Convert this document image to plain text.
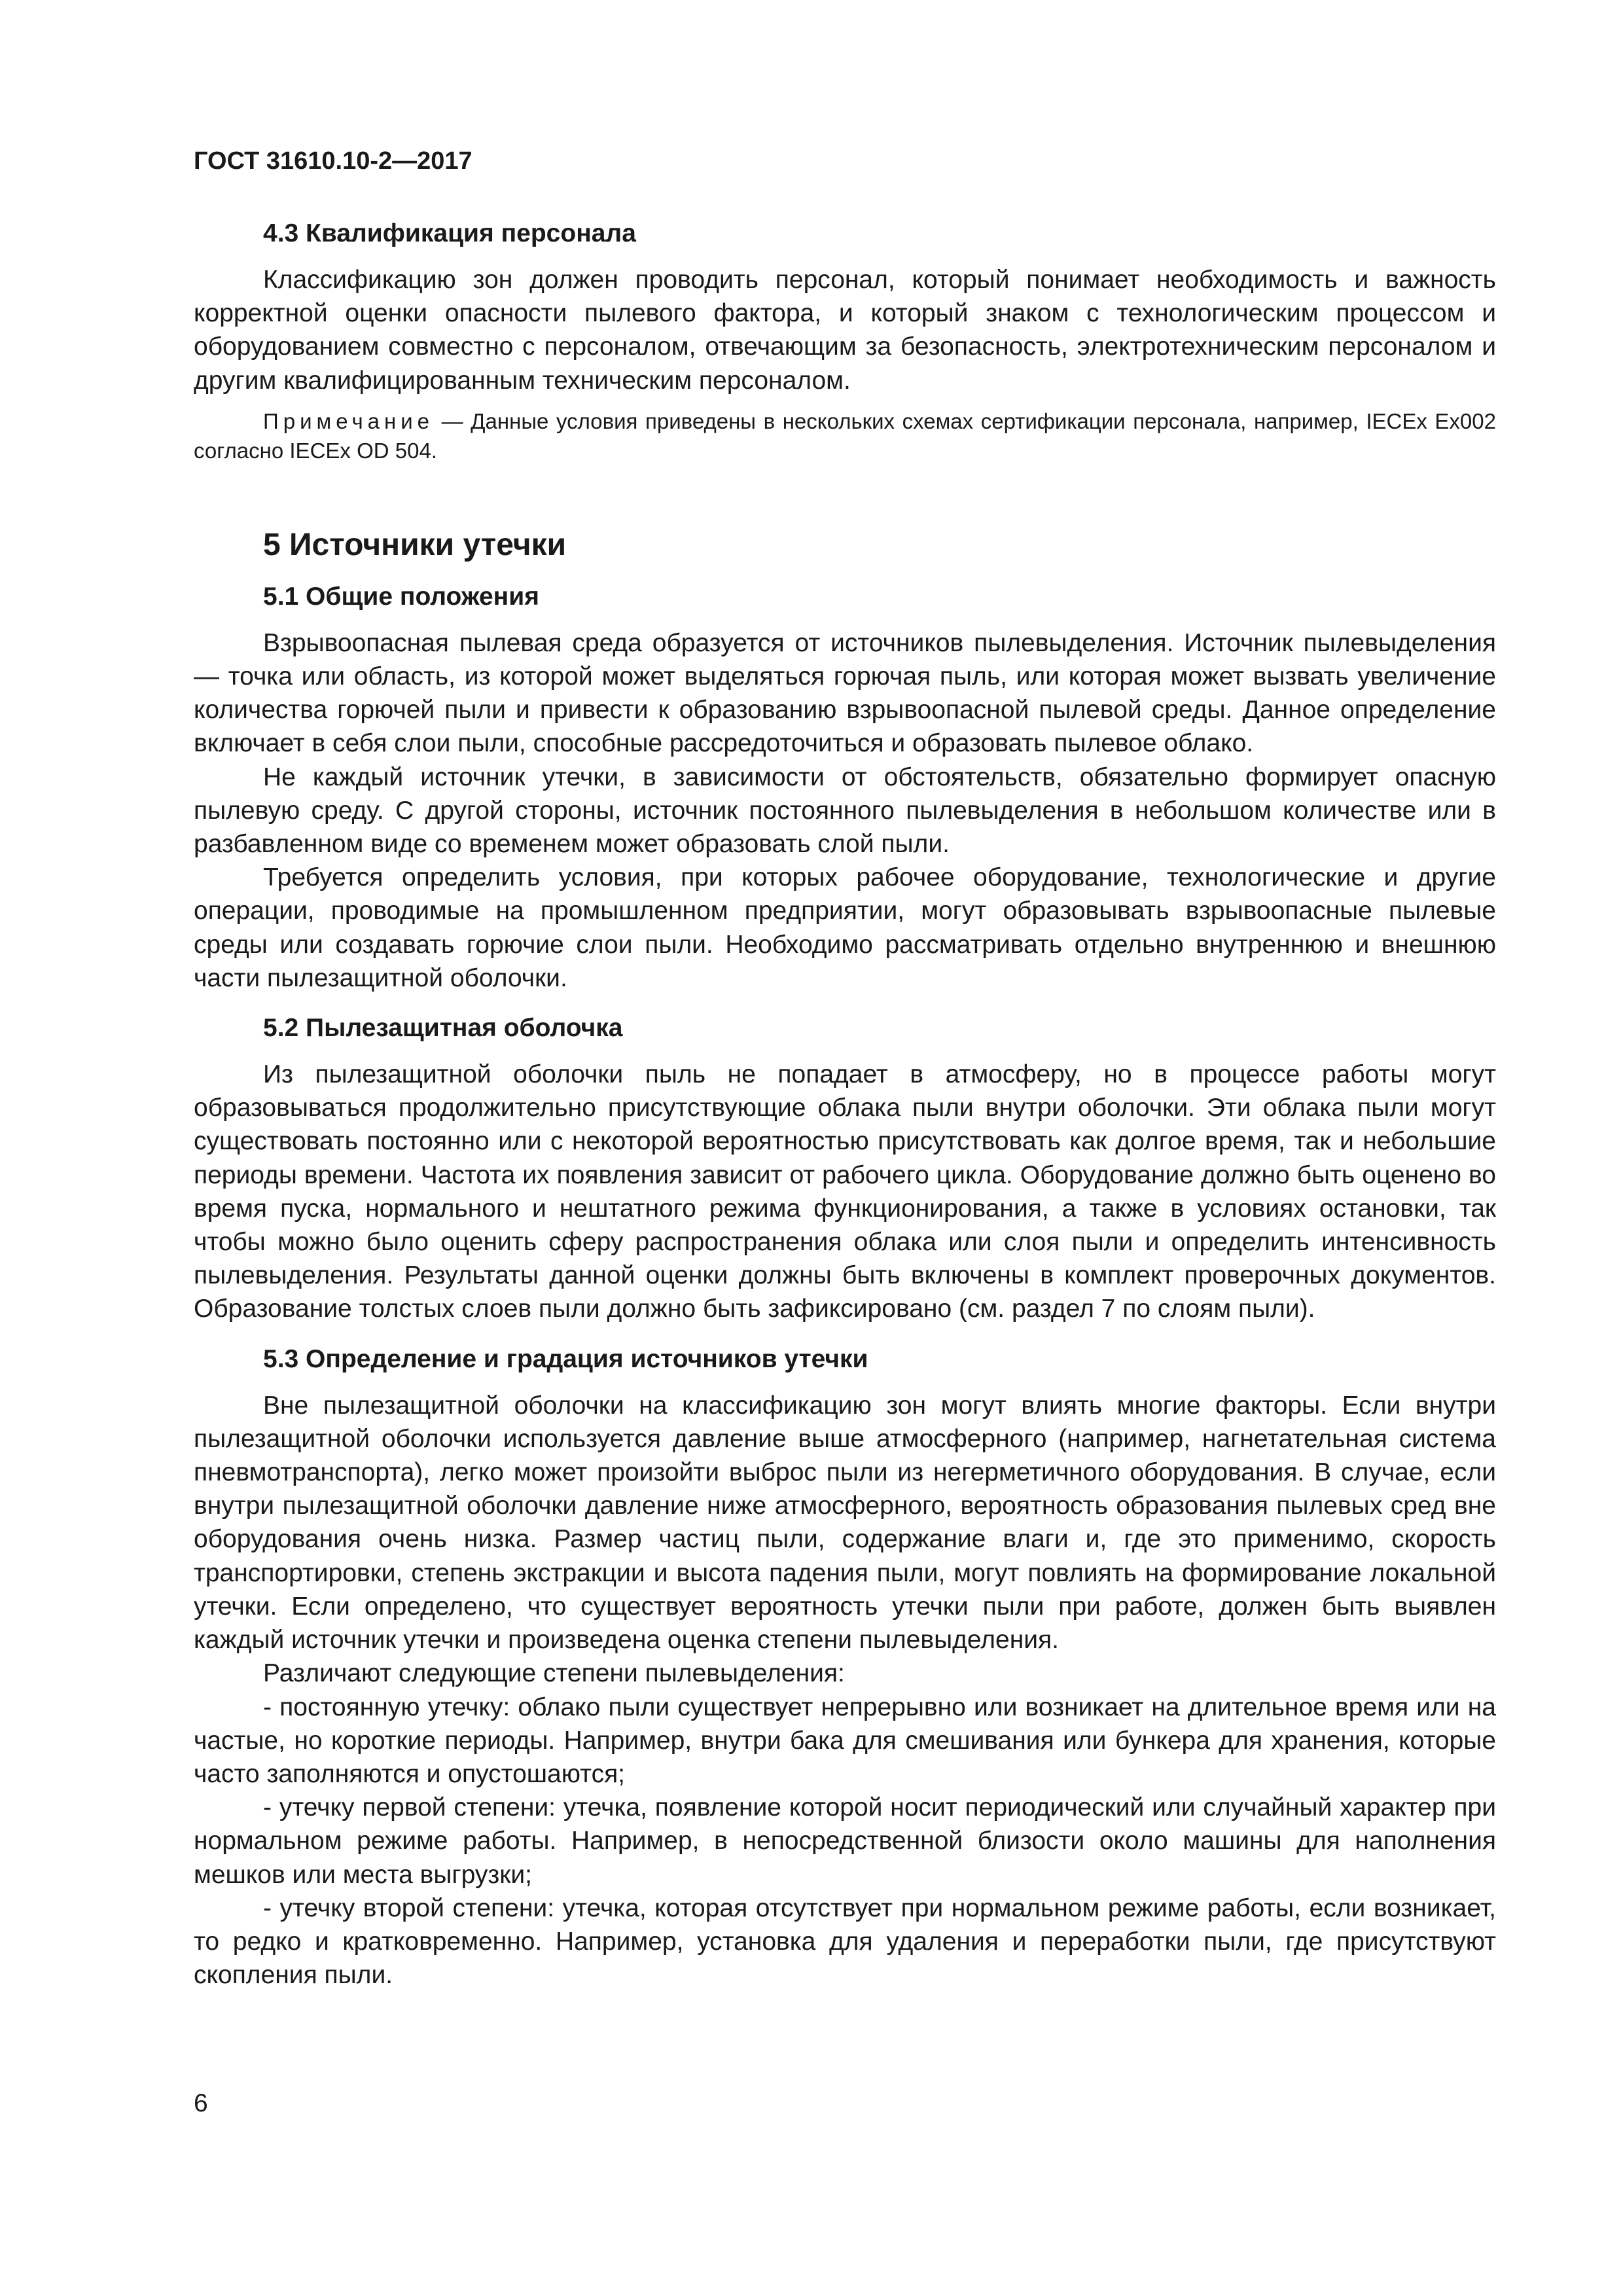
ГОСТ 31610.10-2—2017
4.3 Квалификация персонала

Классификацию зон должен проводить персонал, который понимает необходимость и важность корректной оценки опасности пылевого фактора, и который знаком с технологическим процессом и оборудованием совместно с персоналом, отвечающим за безопасность, электротехническим персоналом и другим квалифицированным техническим персоналом.

Примечание — Данные условия приведены в нескольких схемах сертификации персонала, например, IECEx Ex002 согласно IECEx OD 504.

5 Источники утечки
5.1 Общие положения

Взрывоопасная пылевая среда образуется от источников пылевыделения. Источник пылевыделения — точка или область, из которой может выделяться горючая пыль, или которая может вызвать увеличение количества горючей пыли и привести к образованию взрывоопасной пылевой среды. Данное определение включает в себя слои пыли, способные рассредоточиться и образовать пылевое облако.

Не каждый источник утечки, в зависимости от обстоятельств, обязательно формирует опасную пылевую среду. С другой стороны, источник постоянного пылевыделения в небольшом количестве или в разбавленном виде со временем может образовать слой пыли.

Требуется определить условия, при которых рабочее оборудование, технологические и другие операции, проводимые на промышленном предприятии, могут образовывать взрывоопасные пылевые среды или создавать горючие слои пыли. Необходимо рассматривать отдельно внутреннюю и внешнюю части пылезащитной оболочки.

5.2 Пылезащитная оболочка

Из пылезащитной оболочки пыль не попадает в атмосферу, но в процессе работы могут образовываться продолжительно присутствующие облака пыли внутри оболочки. Эти облака пыли могут существовать постоянно или с некоторой вероятностью присутствовать как долгое время, так и небольшие периоды времени. Частота их появления зависит от рабочего цикла. Оборудование должно быть оценено во время пуска, нормального и нештатного режима функционирования, а также в условиях остановки, так чтобы можно было оценить сферу распространения облака или слоя пыли и определить интенсивность пылевыделения. Результаты данной оценки должны быть включены в комплект проверочных документов. Образование толстых слоев пыли должно быть зафиксировано (см. раздел 7 по слоям пыли).

5.3 Определение и градация источников утечки

Вне пылезащитной оболочки на классификацию зон могут влиять многие факторы. Если внутри пылезащитной оболочки используется давление выше атмосферного (например, нагнетательная система пневмотранспорта), легко может произойти выброс пыли из негерметичного оборудования. В случае, если внутри пылезащитной оболочки давление ниже атмосферного, вероятность образования пылевых сред вне оборудования очень низка. Размер частиц пыли, содержание влаги и, где это применимо, скорость транспортировки, степень экстракции и высота падения пыли, могут повлиять на формирование локальной утечки. Если определено, что существует вероятность утечки пыли при работе, должен быть выявлен каждый источник утечки и произведена оценка степени пылевыделения.

Различают следующие степени пылевыделения:

- постоянную утечку: облако пыли существует непрерывно или возникает на длительное время или на частые, но короткие периоды. Например, внутри бака для смешивания или бункера для хранения, которые часто заполняются и опустошаются;

- утечку первой степени: утечка, появление которой носит периодический или случайный характер при нормальном режиме работы. Например, в непосредственной близости около машины для наполнения мешков или места выгрузки;

- утечку второй степени: утечка, которая отсутствует при нормальном режиме работы, если возникает, то редко и кратковременно. Например, установка для удаления и переработки пыли, где присутствуют скопления пыли.

6
